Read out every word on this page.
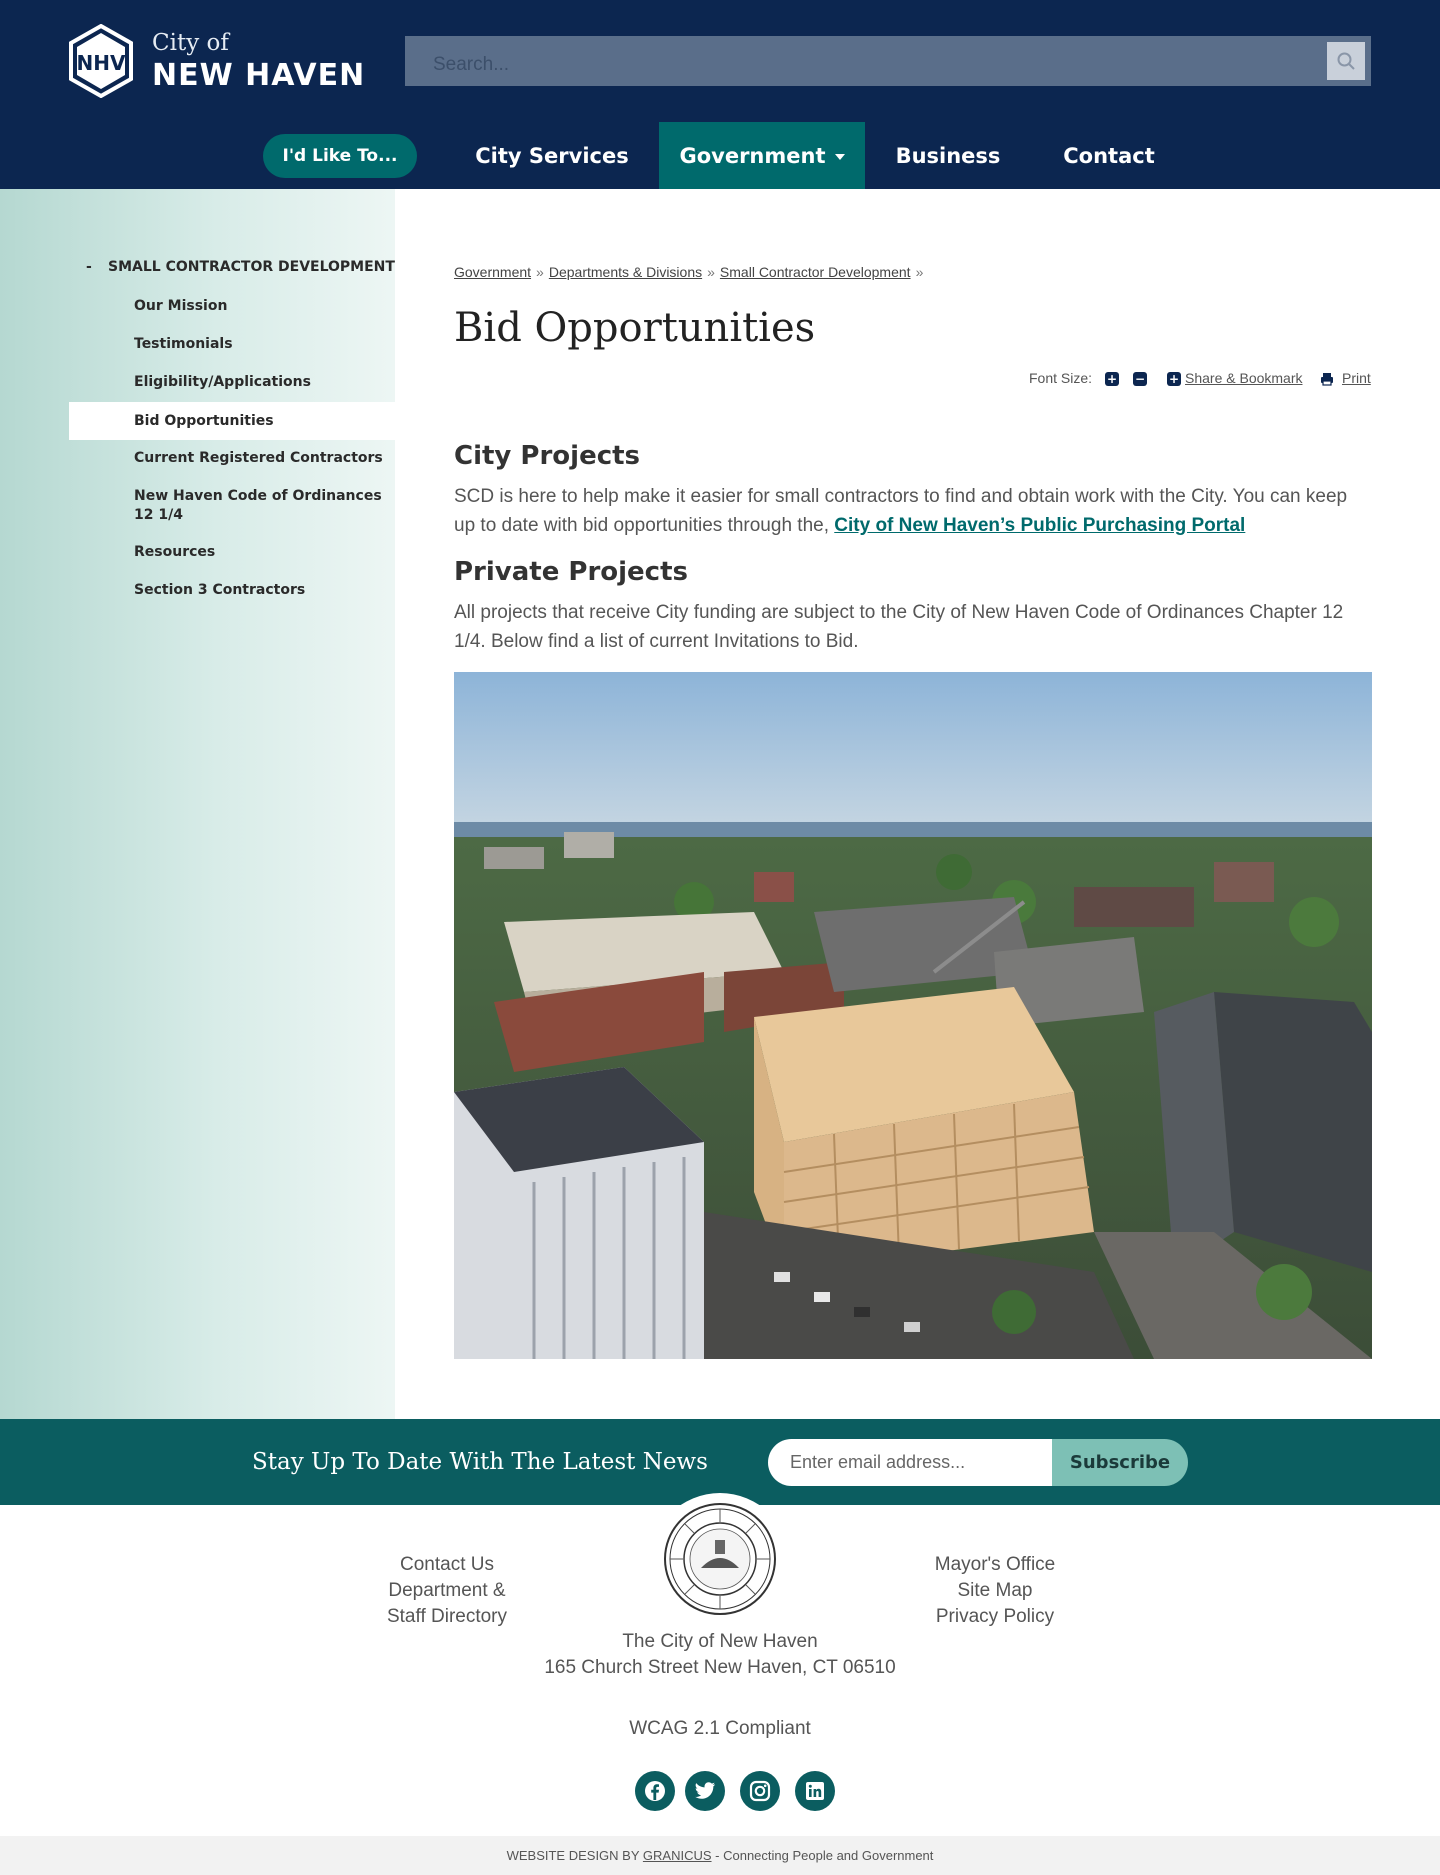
NHV
City of
NEW HAVEN
Search...
I'd Like To...	City Services	Government	Business	Contact
- SMALL CONTRACTOR DEVELOPMENT
Our Mission
Testimonials
Eligibility/Applications
Bid Opportunities
Current Registered Contractors
New Haven Code of Ordinances 12 1/4
Resources
Section 3 Contractors
Government » Departments & Divisions » Small Contractor Development »
Bid Opportunities
Font Size: + − + Share & Bookmark	Print
City Projects

SCD is here to help make it easier for small contractors to find and obtain work with the City. You can keep up to date with bid opportunities through the, City of New Haven’s Public Purchasing Portal

Private Projects

All projects that receive City funding are subject to the City of New Haven Code of Ordinances Chapter 12 1/4. Below find a list of current Invitations to Bid.

Stay Up To Date With The Latest News
Enter email address...	Subscribe
Contact Us
Department &
Staff Directory
Mayor's Office
Site Map
Privacy Policy
The City of New Haven
165 Church Street New Haven, CT 06510
WCAG 2.1 Compliant
WEBSITE DESIGN BY GRANICUS - Connecting People and Government
